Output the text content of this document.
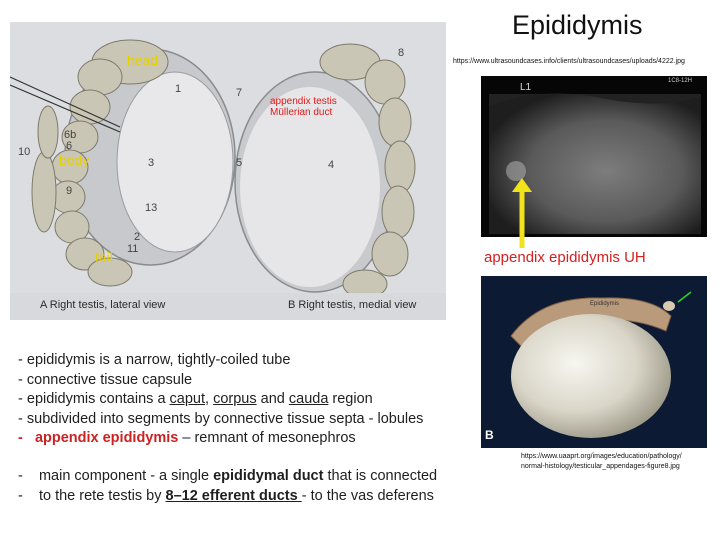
Epididymis
head
body
tail
appendix testis
Müllerian duct
8
1	7
6b
6
9
3	5	4
10
13
2
11
A Right testis, lateral view	B Right testis, medial view
https://www.ultrasoundcases.info/clients/ultrasoundcases/uploads/4222.jpg
L1
1C8-12H
appendix epididymis UH
Epididymis
B
https://www.uaaprt.org/images/education/pathology/
normal-histology/testicular_appendages-figure8.jpg
- epididymis is a narrow, tightly-coiled tube
- connective tissue capsule
- epididymis contains a caput, corpus and cauda region
- subdivided into segments by connective tissue septa - lobules
- appendix epididymis – remnant of mesonephros
- main component - a single epididymal duct that is connected
- to the rete testis by 8–12 efferent ducts - to the vas deferens
